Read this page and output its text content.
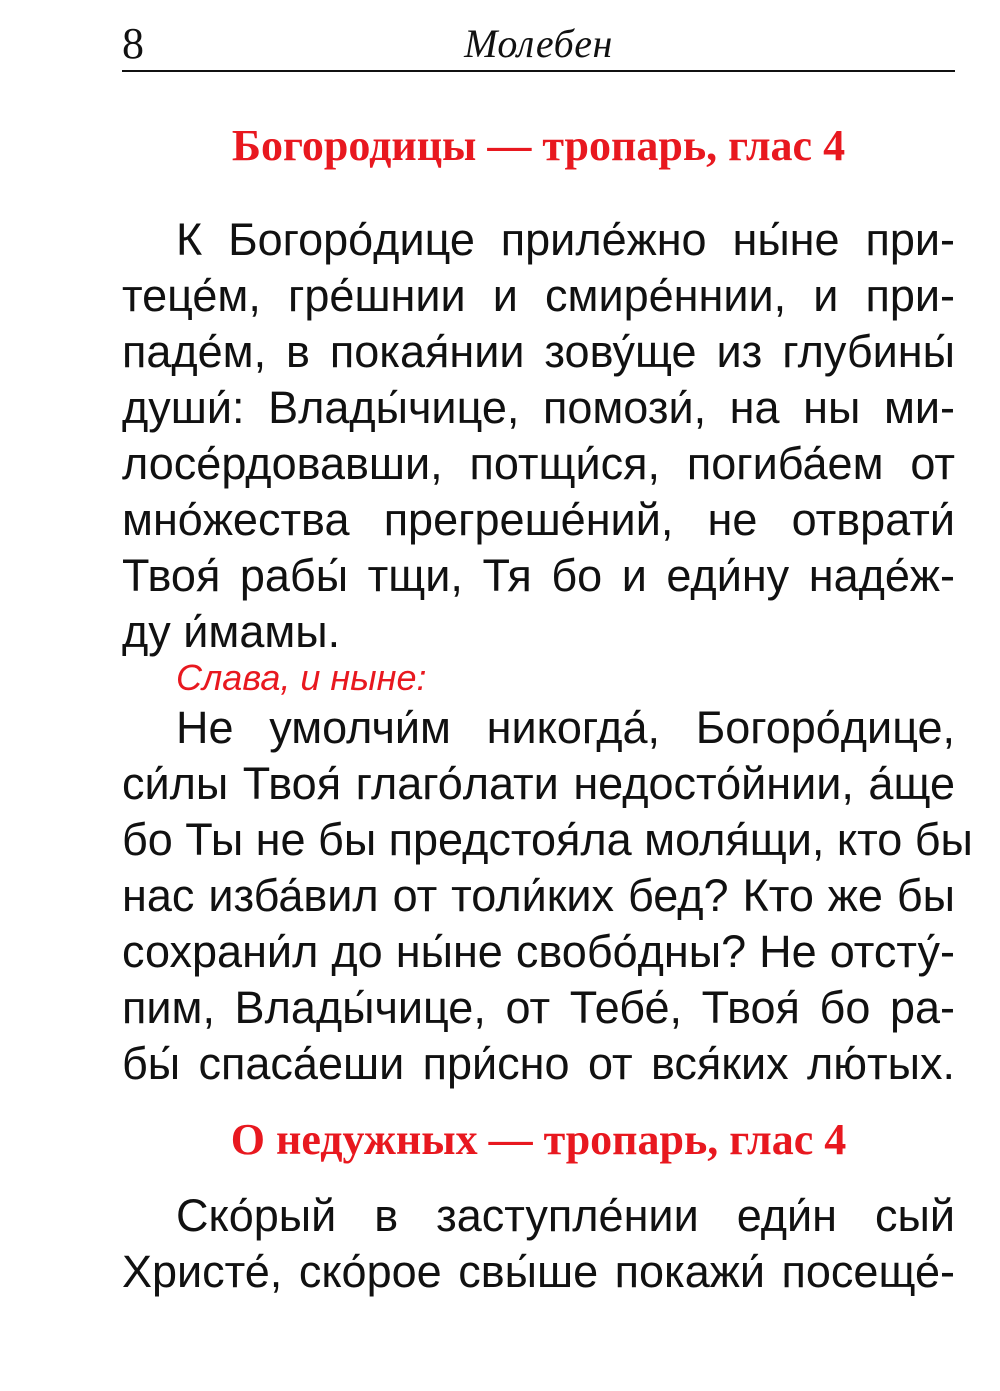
8	Молебен
Богородицы — тропарь, глас 4
К Богоро́дице приле́жно ны́не при-
теце́м, гре́шнии и смире́ннии, и при-
паде́м, в покая́нии зову́ще из глубины́
души́: Влады́чице, помози́, на ны ми-
лосе́рдовавши, потщи́ся, погиба́ем от
мно́жества прегреше́ний, не отврати́
Твоя́ рабы́ тщи, Тя бо и еди́ну наде́ж-
ду и́мамы.
Слава, и ныне:
Не умолчи́м никогда́, Богоро́дице,
си́лы Твоя́ глаго́лати недосто́йнии, а́ще
бо Ты не бы предстоя́ла моля́щи, кто бы
нас изба́вил от толи́ких бед? Кто же бы
сохрани́л до ны́не свобо́дны? Не отсту́-
пим, Влады́чице, от Тебе́, Твоя́ бо ра-
бы́ спаса́еши при́сно от вся́ких лю́тых.
О недужных — тропарь, глас 4
Ско́рый в заступле́нии еди́н сый
Христе́, ско́рое свы́ше покажи́ посеще́-
